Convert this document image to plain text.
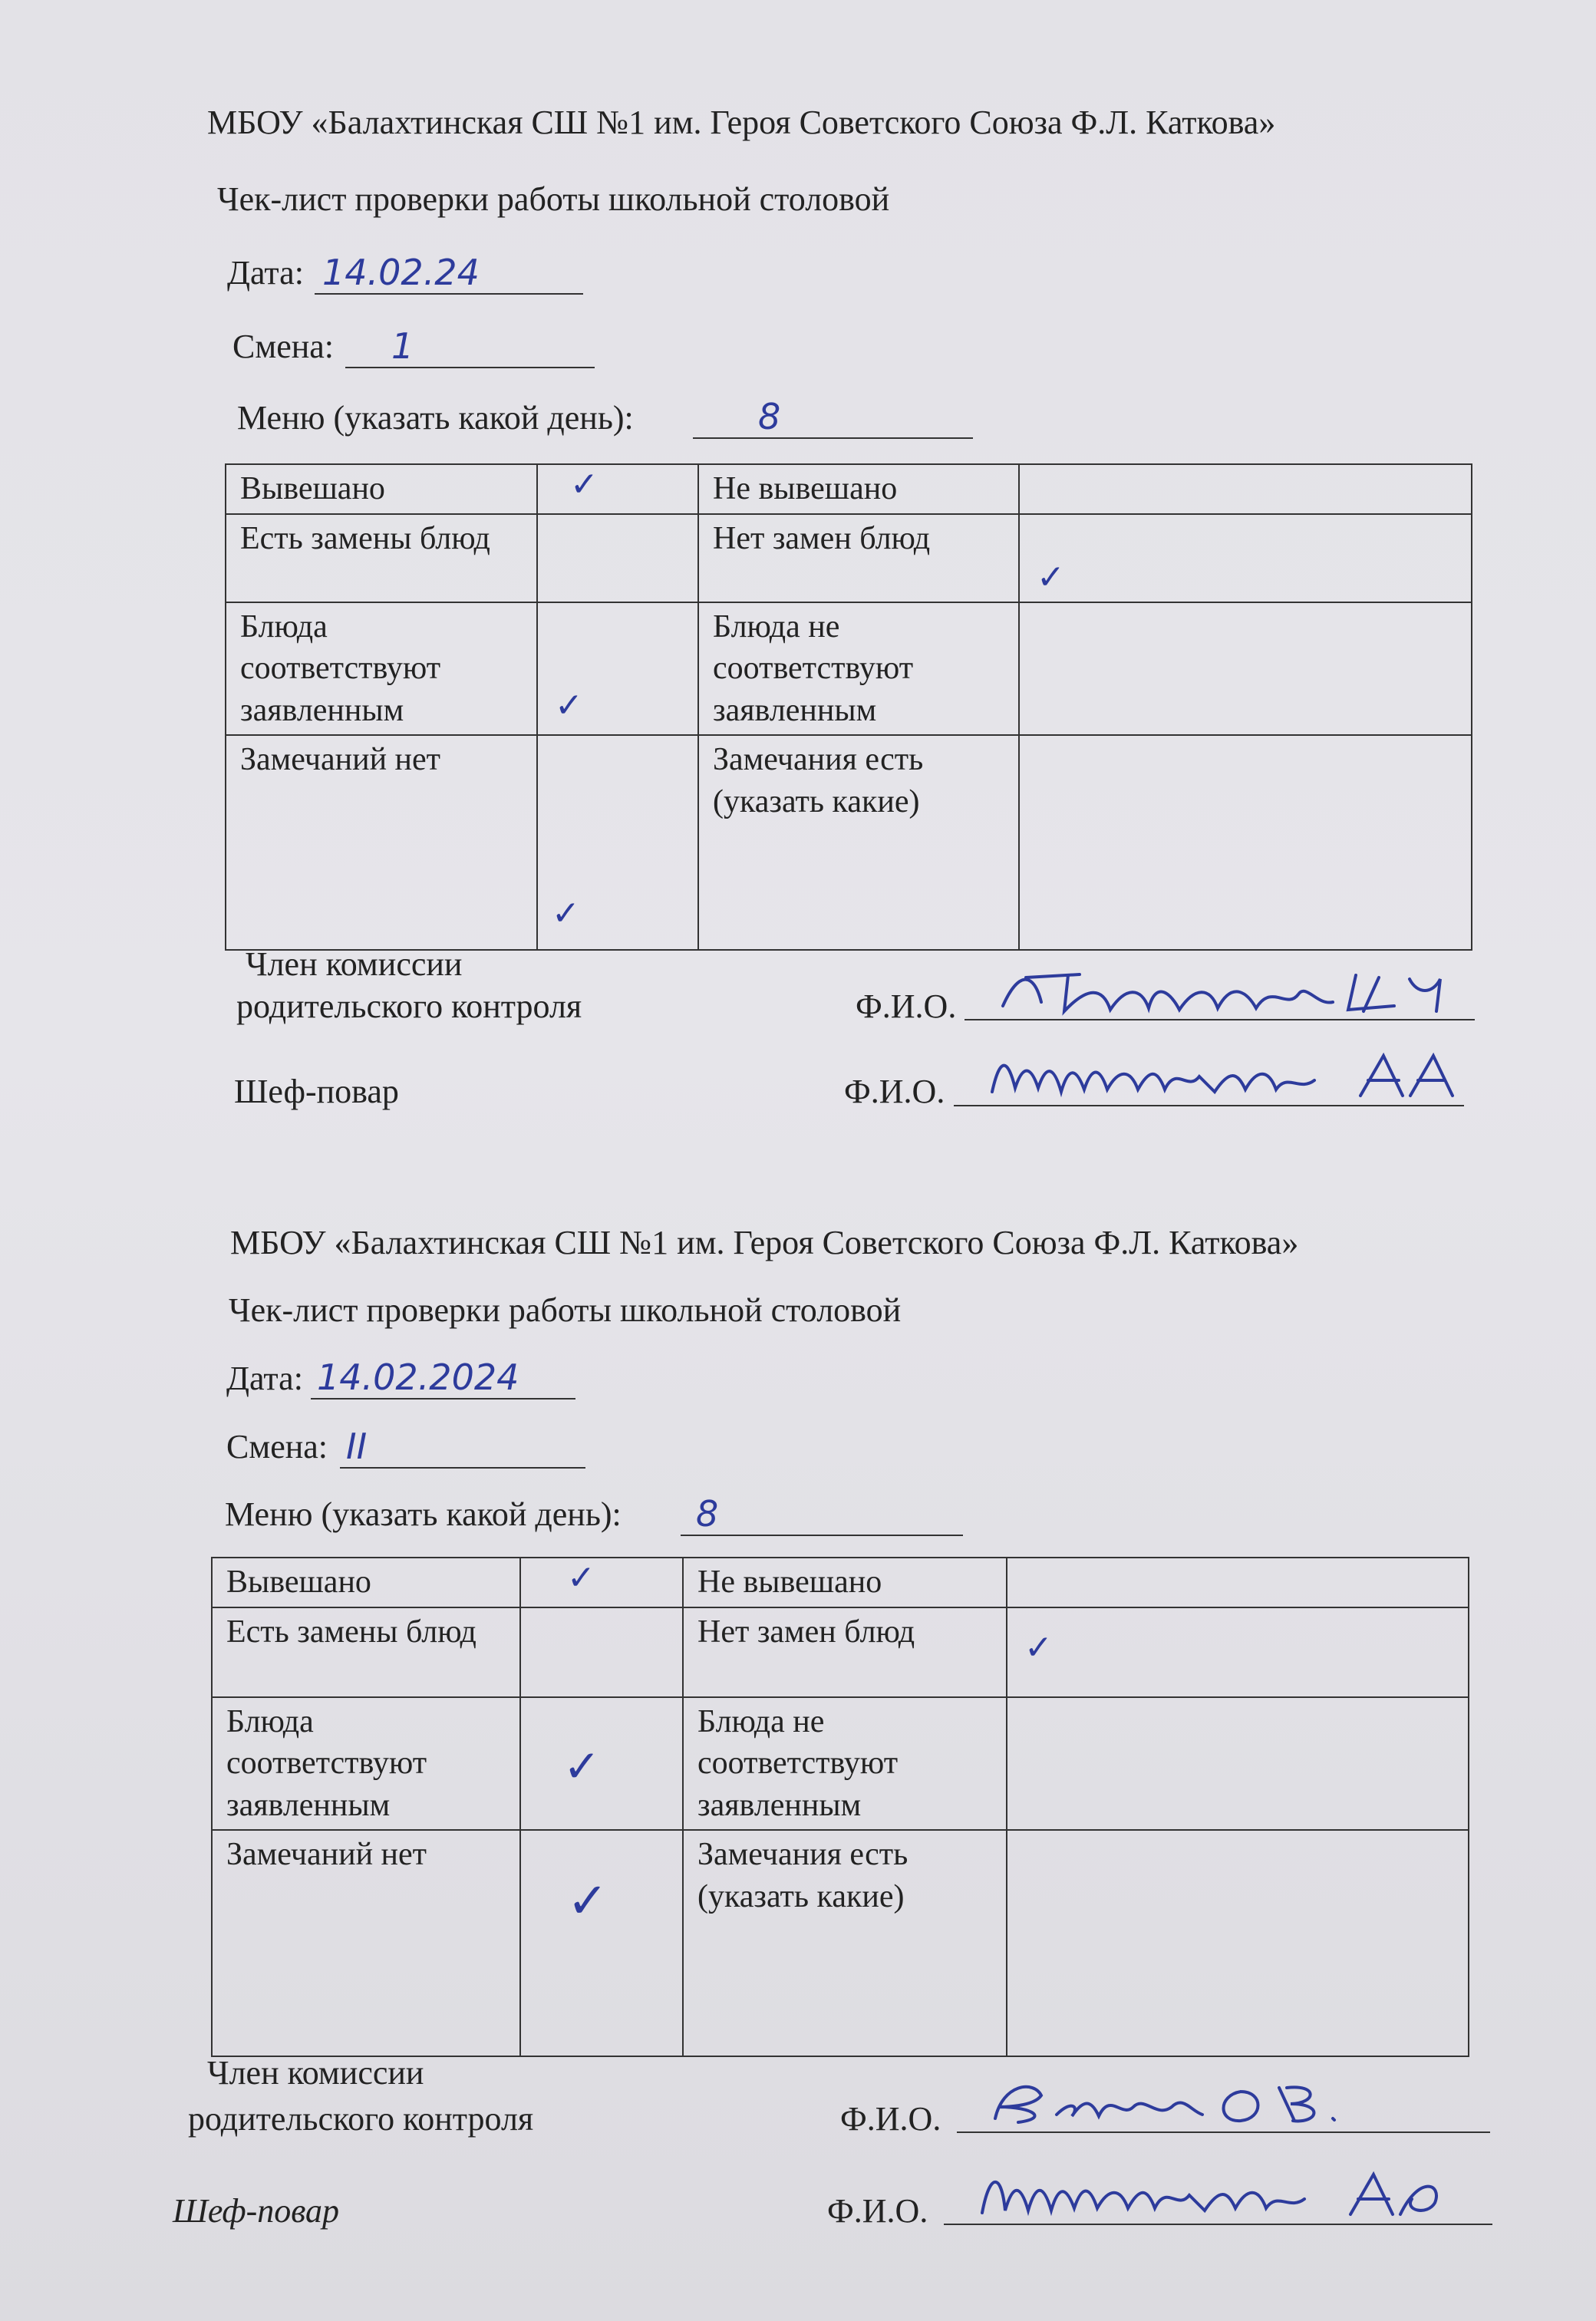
МБОУ «Балахтинская СШ №1 им. Героя Советского Союза Ф.Л. Каткова»
Чек-лист проверки работы школьной столовой
Дата: 14.02.24
Смена: 1
Меню (указать какой день):	8
Вывешано	✓	Не вывешано	

Есть замены блюд		Нет замен блюд	✓

Блюда соответствуют заявленным	✓	Блюда не соответствуют заявленным	

Замечаний нет	✓	Замечания есть (указать какие)	
Член комиссии
родительского контроля	Ф.И.О.
Шеф-повар	Ф.И.О.
МБОУ «Балахтинская СШ №1 им. Героя Советского Союза Ф.Л. Каткова»
Чек-лист проверки работы школьной столовой
Дата: 14.02.2024
Смена: II
Меню (указать какой день): 8
Вывешано	✓	Не вывешано	

Есть замены блюд		Нет замен блюд	✓

Блюда соответствуют заявленным	✓	Блюда не соответствуют заявленным	

Замечаний нет	✓	Замечания есть (указать какие)	
Член комиссии
родительского контроля	Ф.И.О.
Шеф-повар	Ф.И.О.
